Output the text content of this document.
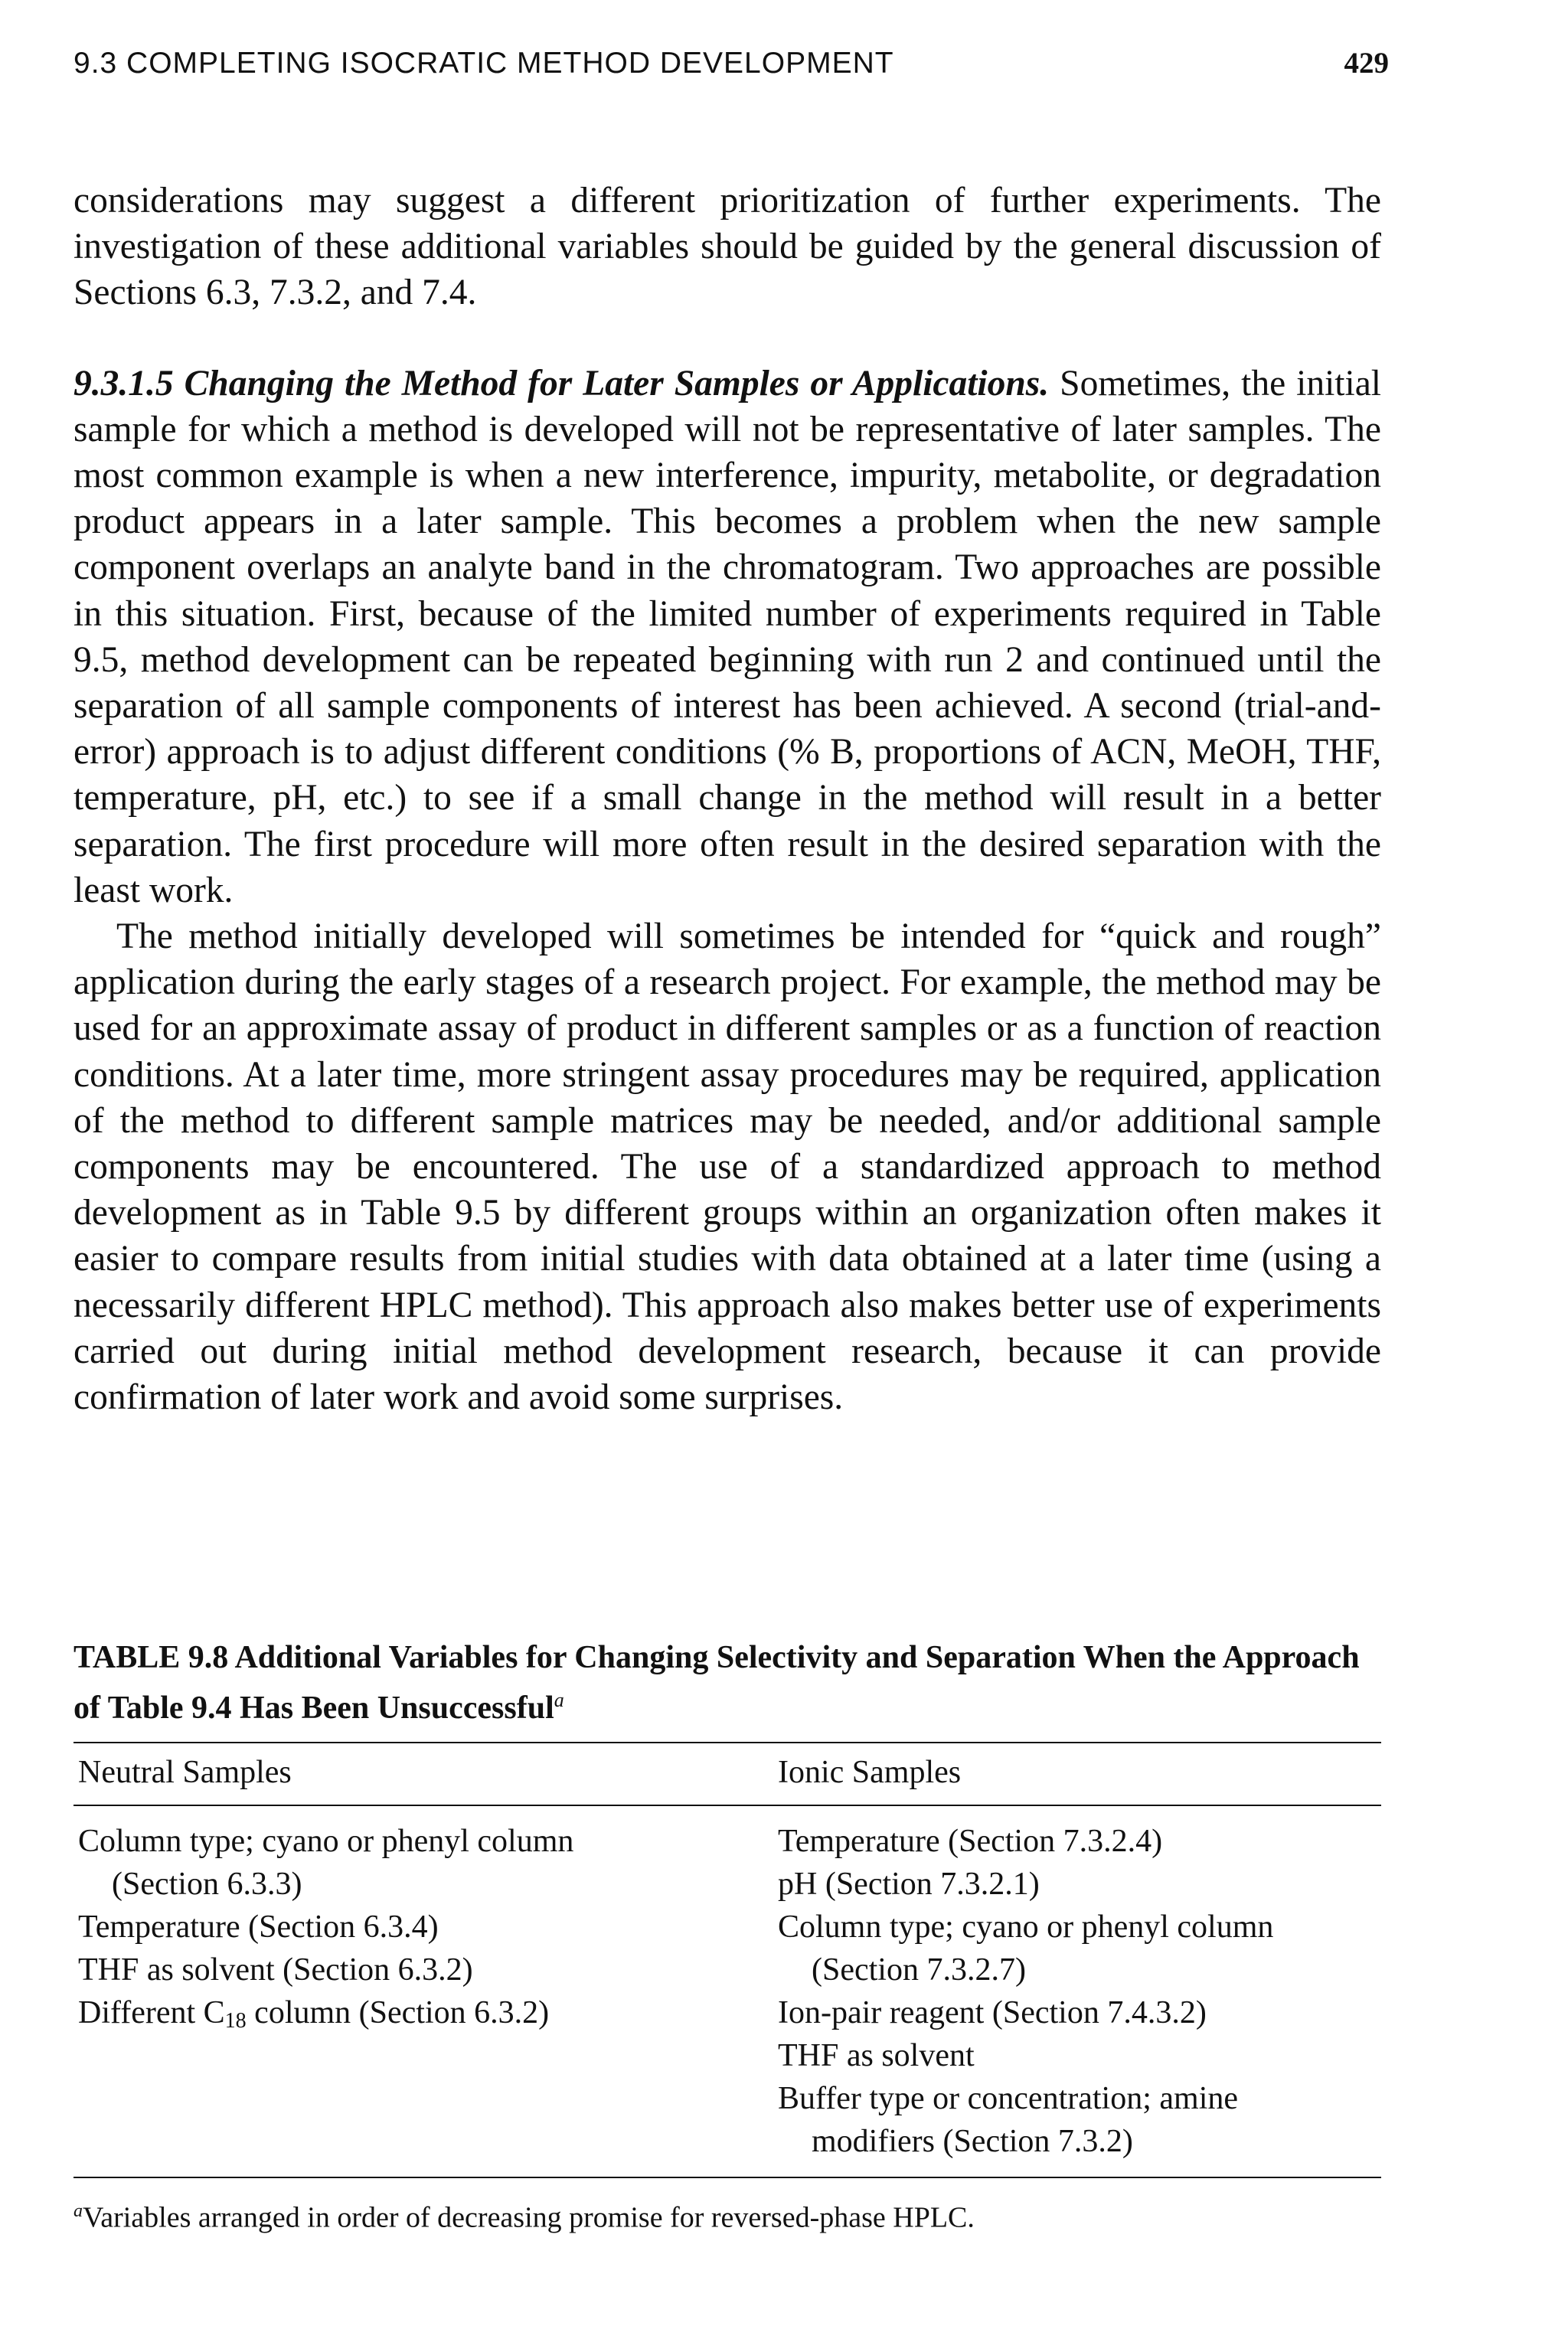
9.3 COMPLETING ISOCRATIC METHOD DEVELOPMENT	429

considerations may suggest a different prioritization of further experiments. The investigation of these additional variables should be guided by the general discussion of Sections 6.3, 7.3.2, and 7.4.

9.3.1.5 Changing the Method for Later Samples or Applications. Sometimes, the initial sample for which a method is developed will not be representative of later samples. The most common example is when a new interference, impurity, metabolite, or degradation product appears in a later sample. This becomes a problem when the new sample component overlaps an analyte band in the chromatogram. Two approaches are possible in this situation. First, because of the limited number of experiments required in Table 9.5, method development can be repeated beginning with run 2 and continued until the separation of all sample components of interest has been achieved. A second (trial-and-error) approach is to adjust different conditions (% B, proportions of ACN, MeOH, THF, temperature, pH, etc.) to see if a small change in the method will result in a better separation. The first procedure will more often result in the desired separation with the least work.

The method initially developed will sometimes be intended for “quick and rough” application during the early stages of a research project. For example, the method may be used for an approximate assay of product in different samples or as a function of reaction conditions. At a later time, more stringent assay procedures may be required, application of the method to different sample matrices may be needed, and/or additional sample components may be encountered. The use of a standardized approach to method development as in Table 9.5 by different groups within an organization often makes it easier to compare results from initial studies with data obtained at a later time (using a necessarily different HPLC method). This approach also makes better use of experiments carried out during initial method development research, because it can provide confirmation of later work and avoid some surprises.

TABLE 9.8 Additional Variables for Changing Selectivity and Separation When the Approach of Table 9.4 Has Been Unsuccessful$^a$
Neutral Samples	Ionic Samples
Column type; cyano or phenyl column
(Section 6.3.3)
Temperature (Section 6.3.4)
THF as solvent (Section 6.3.2)
Different $C_{18}$ column (Section 6.3.2)
Temperature (Section 7.3.2.4)
pH (Section 7.3.2.1)
Column type; cyano or phenyl column
(Section 7.3.2.7)
Ion-pair reagent (Section 7.4.3.2)
THF as solvent
Buffer type or concentration; amine
modifiers (Section 7.3.2)
$^a$Variables arranged in order of decreasing promise for reversed-phase HPLC.
